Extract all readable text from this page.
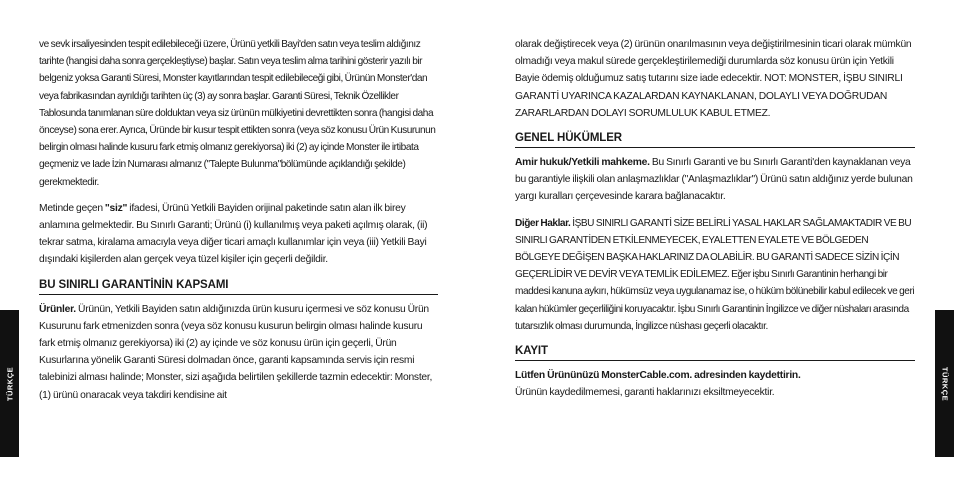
TÜRKÇE	TÜRKÇE

ve sevk irsaliyesinden tespit edilebileceği üzere, Ürünü yetkili Bayi'den satın veya teslim aldığınız tarihte (hangisi daha sonra gerçekleştiyse) başlar. Satın veya teslim alma tarihini gösterir yazılı bir belgeniz yoksa Garanti Süresi, Monster kayıtlarından tespit edilebileceği gibi, Ürünün Monster'dan veya fabrikasından ayrıldığı tarihten üç (3) ay sonra başlar. Garanti Süresi, Teknik Özellikler Tablosunda tanımlanan süre dolduktan veya siz ürünün mülkiyetini devrettikten sonra (hangisi daha önceyse) sona erer. Ayrıca, Üründe bir kusur tespit ettikten sonra (veya söz konusu Ürün Kusurunun belirgin olması halinde kusuru fark etmiş olmanız gerekiyorsa) iki (2) ay içinde Monster ile irtibata geçmeniz ve Iade İzin Numarası almanız ("Talepte Bulunma"bölümünde açıklandığı şekilde) gerekmektedir.

Metinde geçen "siz" ifadesi, Ürünü Yetkili Bayiden orijinal paketinde satın alan ilk birey anlamına gelmektedir. Bu Sınırlı Garanti; Ürünü (i) kullanılmış veya paketi açılmış olarak, (ii) tekrar satma, kiralama amacıyla veya diğer ticari amaçlı kullanımlar için veya (iii) Yetkili Bayi dışındaki kişilerden alan gerçek veya tüzel kişiler için geçerli değildir.

BU SINIRLI GARANTİNİN KAPSAMI

Ürünler. Ürünün, Yetkili Bayiden satın aldığınızda ürün kusuru içermesi ve söz konusu Ürün Kusurunu fark etmenizden sonra (veya söz konusu kusurun belirgin olması halinde kusuru fark etmiş olmanız gerekiyorsa) iki (2) ay içinde ve söz konusu ürün için geçerli, Ürün Kusurlarına yönelik Garanti Süresi dolmadan önce, garanti kapsamında servis için resmi talebinizi alması halinde; Monster, sizi aşağıda belirtilen şekillerde tazmin edecektir: Monster, (1) ürünü onaracak veya takdiri kendisine ait

olarak değiştirecek veya (2) ürünün onarılmasının veya değiştirilmesinin ticari olarak mümkün olmadığı veya makul sürede gerçekleştirilemediği durumlarda söz konusu ürün için Yetkili Bayie ödemiş olduğumuz satış tutarını size iade edecektir. NOT: MONSTER, İŞBU SINIRLI GARANTİ UYARINCA KAZALARDAN KAYNAKLANAN, DOLAYLI VEYA DOĞRUDAN ZARARLARDAN DOLAYI SORUMLULUK KABUL ETMEZ.

GENEL HÜKÜMLER

Amir hukuk/Yetkili mahkeme. Bu Sınırlı Garanti ve bu Sınırlı Garanti'den kaynaklanan veya bu garantiyle ilişkili olan anlaşmazlıklar ("Anlaşmazlıklar") Ürünü satın aldığınız yerde bulunan yargı kuralları çerçevesinde karara bağlanacaktır.

Diğer Haklar. İŞBU SINIRLI GARANTİ SİZE BELİRLİ YASAL HAKLAR SAĞLAMAKTADIR VE BU SINIRLI GARANTİDEN ETKİLENMEYECEK, EYALETTEN EYALETE VE BÖLGEDEN BÖLGEYE DEĞİŞEN BAŞKA HAKLARINIZ DA OLABİLİR. BU GARANTİ SADECE SİZİN İÇİN GEÇERLİDİR VE DEVİR VEYA TEMLİK EDİLEMEZ. Eğer işbu Sınırlı Garantinin herhangi bir maddesi kanuna aykırı, hükümsüz veya uygulanamaz ise, o hüküm bölünebilir kabul edilecek ve geri kalan hükümler geçerliliğini koruyacaktır. İşbu Sınırlı Garantinin İngilizce ve diğer nüshaları arasında tutarsızlık olması durumunda, İngilizce nüshası geçerli olacaktır.

KAYIT

Lütfen Ürününüzü MonsterCable.com. adresinden kaydettirin.

Ürünün kaydedilmemesi, garanti haklarınızı eksiltmeyecektir.
